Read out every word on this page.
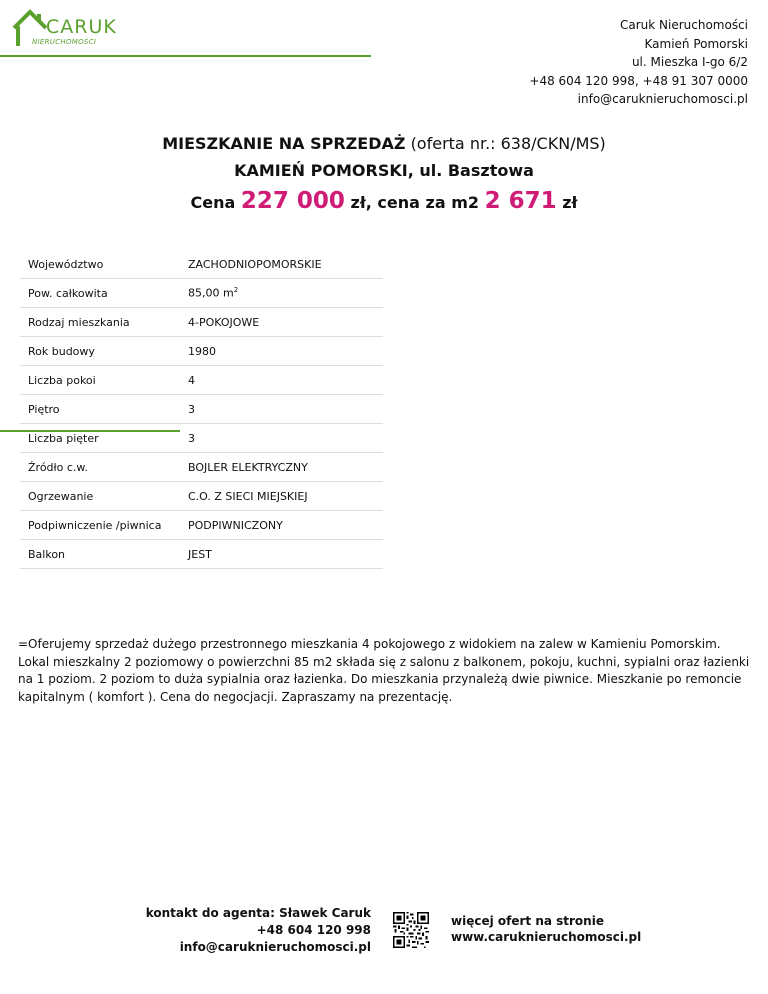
CARUK
NIERUCHOMOŚCI
Caruk Nieruchomości
Kamień Pomorski
ul. Mieszka I-go 6/2
+48 604 120 998, +48 91 307 0000
info@caruknieruchomosci.pl
MIESZKANIE NA SPRZEDAŻ (oferta nr.: 638/CKN/MS)
KAMIEŃ POMORSKI, ul. Basztowa
Cena 227 000 zł, cena za m2 2 671 zł
Województwo	ZACHODNIOPOMORSKIE
Pow. całkowita	85,00 $m^2$
Rodzaj mieszkania	4-POKOJOWE
Rok budowy	1980
Liczba pokoi	4
Piętro	3
Liczba pięter	3
Źródło c.w.	BOJLER ELEKTRYCZNY
Ogrzewanie	C.O. Z SIECI MIEJSKIEJ
Podpiwniczenie /piwnica	PODPIWNICZONY
Balkon	JEST
=Oferujemy sprzedaż dużego przestronnego mieszkania 4 pokojowego z widokiem na zalew w Kamieniu Pomorskim. Lokal mieszkalny 2 poziomowy o powierzchni 85 m2 składa się z salonu z balkonem, pokoju, kuchni, sypialni oraz łazienki na 1 poziom. 2 poziom to duża sypialnia oraz łazienka. Do mieszkania przynależą dwie piwnice. Mieszkanie po remoncie kapitalnym ( komfort ). Cena do negocjacji. Zapraszamy na prezentację.
kontakt do agenta: Sławek Caruk
+48 604 120 998
info@caruknieruchomosci.pl
więcej ofert na stronie
www.caruknieruchomosci.pl
